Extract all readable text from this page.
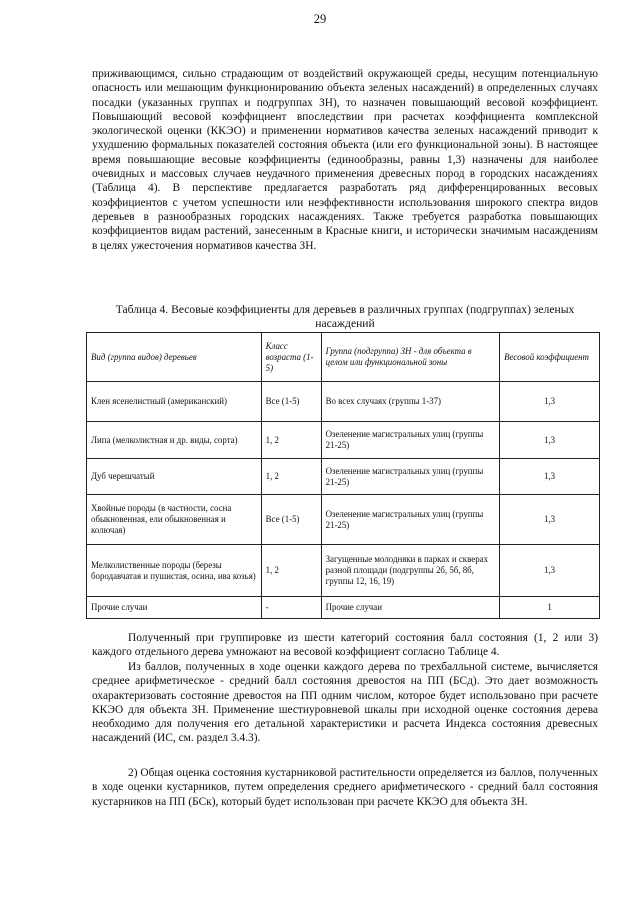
29

приживающимся, сильно страдающим от воздействий окружающей среды, несущим потенциальную опасность или мешающим функционированию объекта зеленых насаждений) в определенных случаях посадки (указанных группах и подгруппах ЗН), то назначен повышающий весовой коэффициент. Повышающий весовой коэффициент впоследствии при расчетах коэффициента комплексной экологической оценки (ККЭО) и применении нормативов качества зеленых насаждений приводит к ухудшению формальных показателей состояния объекта (или его функциональной зоны). В настоящее время повышающие весовые коэффициенты (единообразны, равны 1,3) назначены для наиболее очевидных и массовых случаев неудачного применения древесных пород в городских насаждениях (Таблица 4). В перспективе предлагается разработать ряд дифференцированных весовых коэффициентов с учетом успешности или неэффективности использования широкого спектра видов деревьев в разнообразных городских насаждениях. Также требуется разработка повышающих коэффициентов видам растений, занесенным в Красные книги, и исторически значимым насаждениям в целях ужесточения нормативов качества ЗН.

Таблица 4. Весовые коэффициенты для деревьев в различных группах (подгруппах) зеленых насаждений
Вид (группа видов) деревьев	Класс возраста (1-5)	Группа (подгруппа) ЗН - для объекта в целом или функциональной зоны	Весовой коэффициент
Клен ясенелистный (американский)	Все (1-5)	Во всех случаях (группы 1-37)	1,3
Липа (мелколистная и др. виды, сорта)	1, 2	Озеленение магистральных улиц (группы 21-25)	1,3
Дуб черешчатый	1, 2	Озеленение магистральных улиц (группы 21-25)	1,3
Хвойные породы (в частности, сосна обыкновенная, ели обыкновенная и колючая)	Все (1-5)	Озеленение магистральных улиц (группы 21-25)	1,3
Мелколиственные породы (березы бородавчатая и пушистая, осина, ива козья)	1, 2	Загущенные молодняки в парках и скверах разной площади (подгруппы 2б, 5б, 8б, группы 12, 16, 19)	1,3
Прочие случаи	-	Прочие случаи	1

Полученный при группировке из шести категорий состояния балл состояния (1, 2 или 3) каждого отдельного дерева умножают на весовой коэффициент согласно Таблице 4.

Из баллов, полученных в ходе оценки каждого дерева по трехбалльной системе, вычисляется среднее арифметическое - средний балл состояния древостоя на ПП (БСд). Это дает возможность охарактеризовать состояние древостоя на ПП одним числом, которое будет использовано при расчете ККЭО для объекта ЗН. Применение шестиуровневой шкалы при исходной оценке состояния дерева необходимо для получения его детальной характеристики и расчета Индекса состояния древесных насаждений (ИС, см. раздел 3.4.3).

2) Общая оценка состояния кустарниковой растительности определяется из баллов, полученных в ходе оценки кустарников, путем определения среднего арифметического - средний балл состояния кустарников на ПП (БСк), который будет использован при расчете ККЭО для объекта ЗН.
